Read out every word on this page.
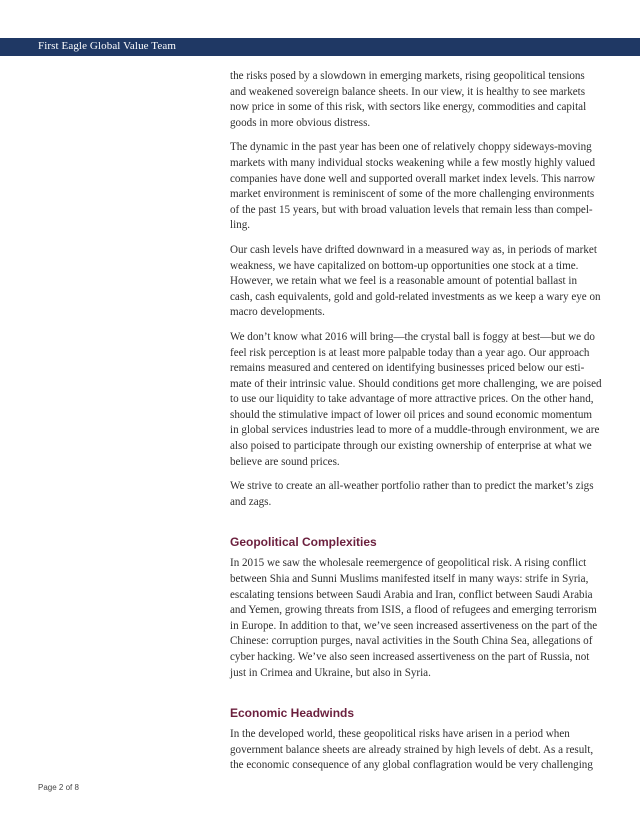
First Eagle Global Value Team

the risks posed by a slowdown in emerging markets, rising geopolitical tensions and weakened sovereign balance sheets. In our view, it is healthy to see markets now price in some of this risk, with sectors like energy, commodities and capital goods in more obvious distress.

The dynamic in the past year has been one of relatively choppy sideways-moving markets with many individual stocks weakening while a few mostly highly valued companies have done well and supported overall market index levels. This narrow market environment is reminiscent of some of the more challenging environments of the past 15 years, but with broad valuation levels that remain less than compel-ling.

Our cash levels have drifted downward in a measured way as, in periods of market weakness, we have capitalized on bottom-up opportunities one stock at a time. However, we retain what we feel is a reasonable amount of potential ballast in cash, cash equivalents, gold and gold-related investments as we keep a wary eye on macro developments.

We don’t know what 2016 will bring—the crystal ball is foggy at best—but we do feel risk perception is at least more palpable today than a year ago. Our approach remains measured and centered on identifying businesses priced below our esti-mate of their intrinsic value. Should conditions get more challenging, we are poised to use our liquidity to take advantage of more attractive prices. On the other hand, should the stimulative impact of lower oil prices and sound economic momentum in global services industries lead to more of a muddle-through environment, we are also poised to participate through our existing ownership of enterprise at what we believe are sound prices.

We strive to create an all-weather portfolio rather than to predict the market’s zigs and zags.

Geopolitical Complexities

In 2015 we saw the wholesale reemergence of geopolitical risk. A rising conflict between Shia and Sunni Muslims manifested itself in many ways: strife in Syria, escalating tensions between Saudi Arabia and Iran, conflict between Saudi Arabia and Yemen, growing threats from ISIS, a flood of refugees and emerging terrorism in Europe. In addition to that, we’ve seen increased assertiveness on the part of the Chinese: corruption purges, naval activities in the South China Sea, allegations of cyber hacking. We’ve also seen increased assertiveness on the part of Russia, not just in Crimea and Ukraine, but also in Syria.

Economic Headwinds

In the developed world, these geopolitical risks have arisen in a period when government balance sheets are already strained by high levels of debt. As a result, the economic consequence of any global conflagration would be very challenging

Page 2 of 8
